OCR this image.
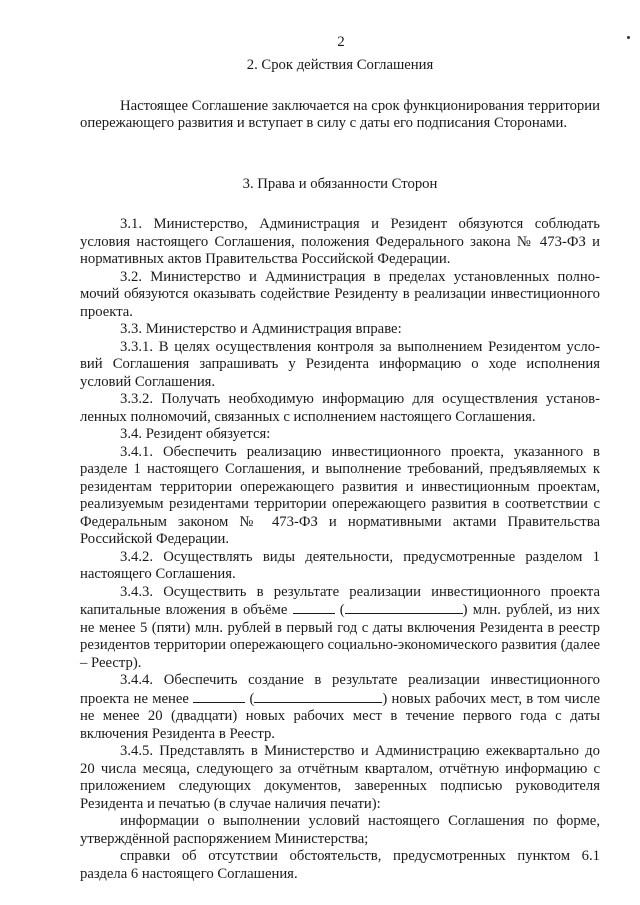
2

2. Срок действия Соглашения

Настоящее Соглашение заключается на срок функционирования территории опережающего развития и вступает в силу с даты его подписания Сторонами.

3. Права и обязанности Сторон

3.1. Министерство, Администрация и Резидент обязуются соблюдать условия настоящего Соглашения, положения Федерального закона № 473-ФЗ и нормативных актов Правительства Российской Федерации.

3.2. Министерство и Администрация в пределах установленных полномочий обязуются оказывать содействие Резиденту в реализации инвестиционного проекта.

3.3. Министерство и Администрация вправе:

3.3.1. В целях осуществления контроля за выполнением Резидентом условий Соглашения запрашивать у Резидента информацию о ходе исполнения условий Соглашения.

3.3.2. Получать необходимую информацию для осуществления установленных полномочий, связанных с исполнением настоящего Соглашения.

3.4. Резидент обязуется:

3.4.1. Обеспечить реализацию инвестиционного проекта, указанного в разделе 1 настоящего Соглашения, и выполнение требований, предъявляемых к резидентам территории опережающего развития и инвестиционным проектам, реализуемым резидентами территории опережающего развития в соответствии с Федеральным законом № 473-ФЗ и нормативными актами Правительства Российской Федерации.

3.4.2. Осуществлять виды деятельности, предусмотренные разделом 1 настоящего Соглашения.

3.4.3. Осуществить в результате реализации инвестиционного проекта капитальные вложения в объёме	(	) млн. рублей, из них не менее 5 (пяти) млн. рублей в первый год с даты включения Резидента в реестр резидентов территории опережающего социально-экономического развития (далее – Реестр).

3.4.4. Обеспечить создание в результате реализации инвестиционного проекта не менее	(	) новых рабочих мест, в том числе не менее 20 (двадцати) новых рабочих мест в течение первого года с даты включения Резидента в Реестр.

3.4.5. Представлять в Министерство и Администрацию ежеквартально до 20 числа месяца, следующего за отчётным кварталом, отчётную информацию с приложением следующих документов, заверенных подписью руководителя Резидента и печатью (в случае наличия печати):

информации о выполнении условий настоящего Соглашения по форме, утверждённой распоряжением Министерства;

справки об отсутствии обстоятельств, предусмотренных пунктом 6.1 раздела 6 настоящего Соглашения.
